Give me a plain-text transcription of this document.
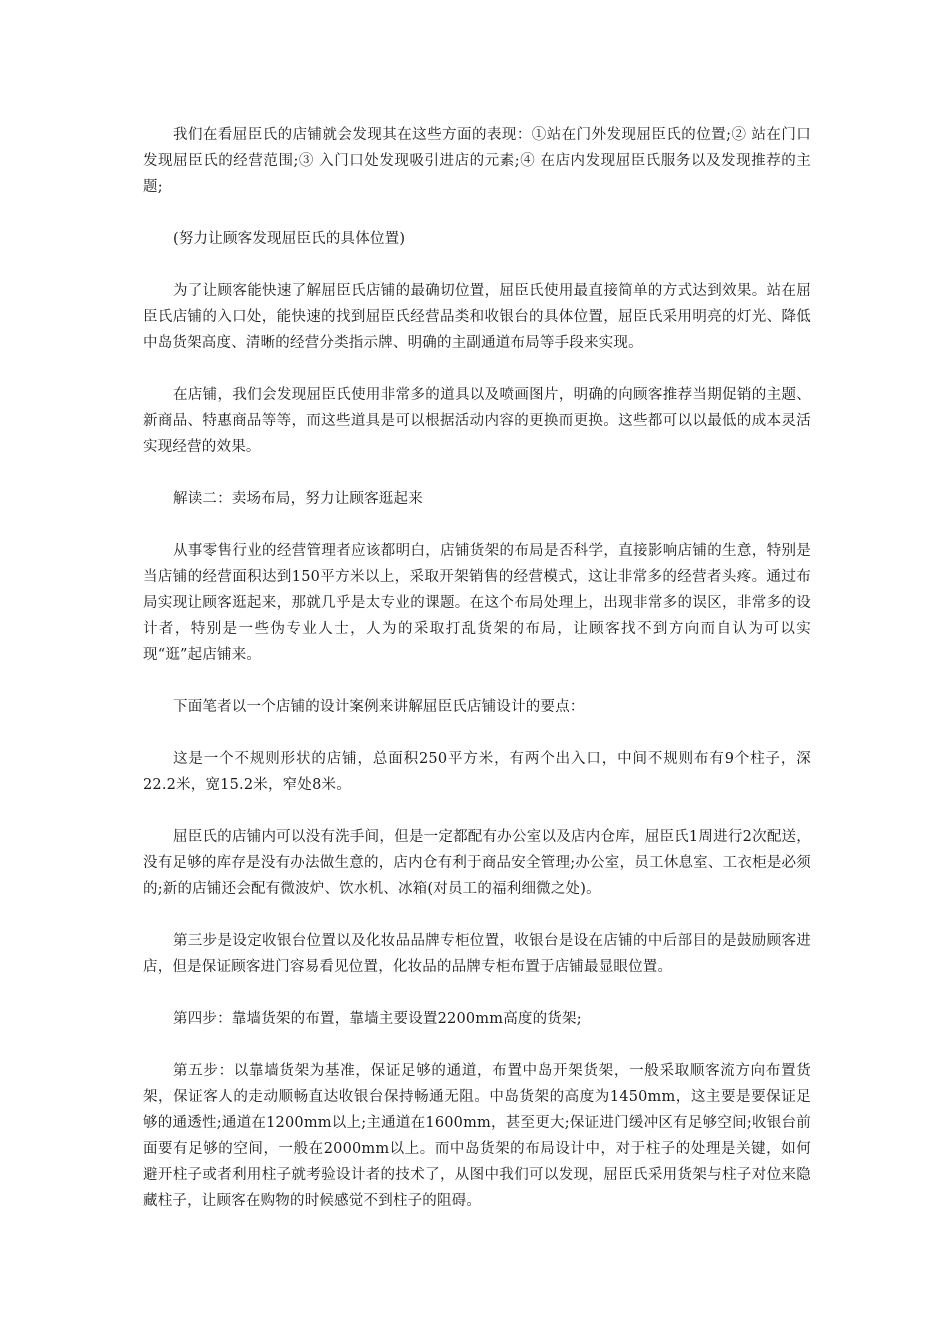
我们在看屈臣氏的店铺就会发现其在这些方面的表现：①站在门外发现屈臣氏的位置;② 站在门口发现屈臣氏的经营范围;③ 入门口处发现吸引进店的元素;④ 在店内发现屈臣氏服务以及发现推荐的主题;

(努力让顾客发现屈臣氏的具体位置)

为了让顾客能快速了解屈臣氏店铺的最确切位置，屈臣氏使用最直接简单的方式达到效果。站在屈臣氏店铺的入口处，能快速的找到屈臣氏经营品类和收银台的具体位置，屈臣氏采用明亮的灯光、降低中岛货架高度、清晰的经营分类指示牌、明确的主副通道布局等手段来实现。

在店铺，我们会发现屈臣氏使用非常多的道具以及喷画图片，明确的向顾客推荐当期促销的主题、新商品、特惠商品等等，而这些道具是可以根据活动内容的更换而更换。这些都可以以最低的成本灵活实现经营的效果。

解读二：卖场布局，努力让顾客逛起来

从事零售行业的经营管理者应该都明白，店铺货架的布局是否科学，直接影响店铺的生意，特别是当店铺的经营面积达到150平方米以上，采取开架销售的经营模式，这让非常多的经营者头疼。通过布局实现让顾客逛起来，那就几乎是太专业的课题。在这个布局处理上，出现非常多的误区，非常多的设计者，特别是一些伪专业人士，人为的采取打乱货架的布局，让顾客找不到方向而自认为可以实现“逛”起店铺来。

下面笔者以一个店铺的设计案例来讲解屈臣氏店铺设计的要点：

这是一个不规则形状的店铺，总面积250平方米，有两个出入口，中间不规则布有9个柱子，深22.2米，宽15.2米，窄处8米。

屈臣氏的店铺内可以没有洗手间，但是一定都配有办公室以及店内仓库，屈臣氏1周进行2次配送，没有足够的库存是没有办法做生意的，店内仓有利于商品安全管理;办公室，员工休息室、工衣柜是必须的;新的店铺还会配有微波炉、饮水机、冰箱(对员工的福利细微之处)。

第三步是设定收银台位置以及化妆品品牌专柜位置，收银台是设在店铺的中后部目的是鼓励顾客进店，但是保证顾客进门容易看见位置，化妆品的品牌专柜布置于店铺最显眼位置。

第四步：靠墙货架的布置，靠墙主要设置2200mm高度的货架;

第五步：以靠墙货架为基准，保证足够的通道，布置中岛开架货架，一般采取顺客流方向布置货架，保证客人的走动顺畅直达收银台保持畅通无阻。中岛货架的高度为1450mm，这主要是要保证足够的通透性;通道在1200mm以上;主通道在1600mm，甚至更大;保证进门缓冲区有足够空间;收银台前面要有足够的空间，一般在2000mm以上。而中岛货架的布局设计中，对于柱子的处理是关键，如何避开柱子或者利用柱子就考验设计者的技术了，从图中我们可以发现，屈臣氏采用货架与柱子对位来隐藏柱子，让顾客在购物的时候感觉不到柱子的阻碍。
